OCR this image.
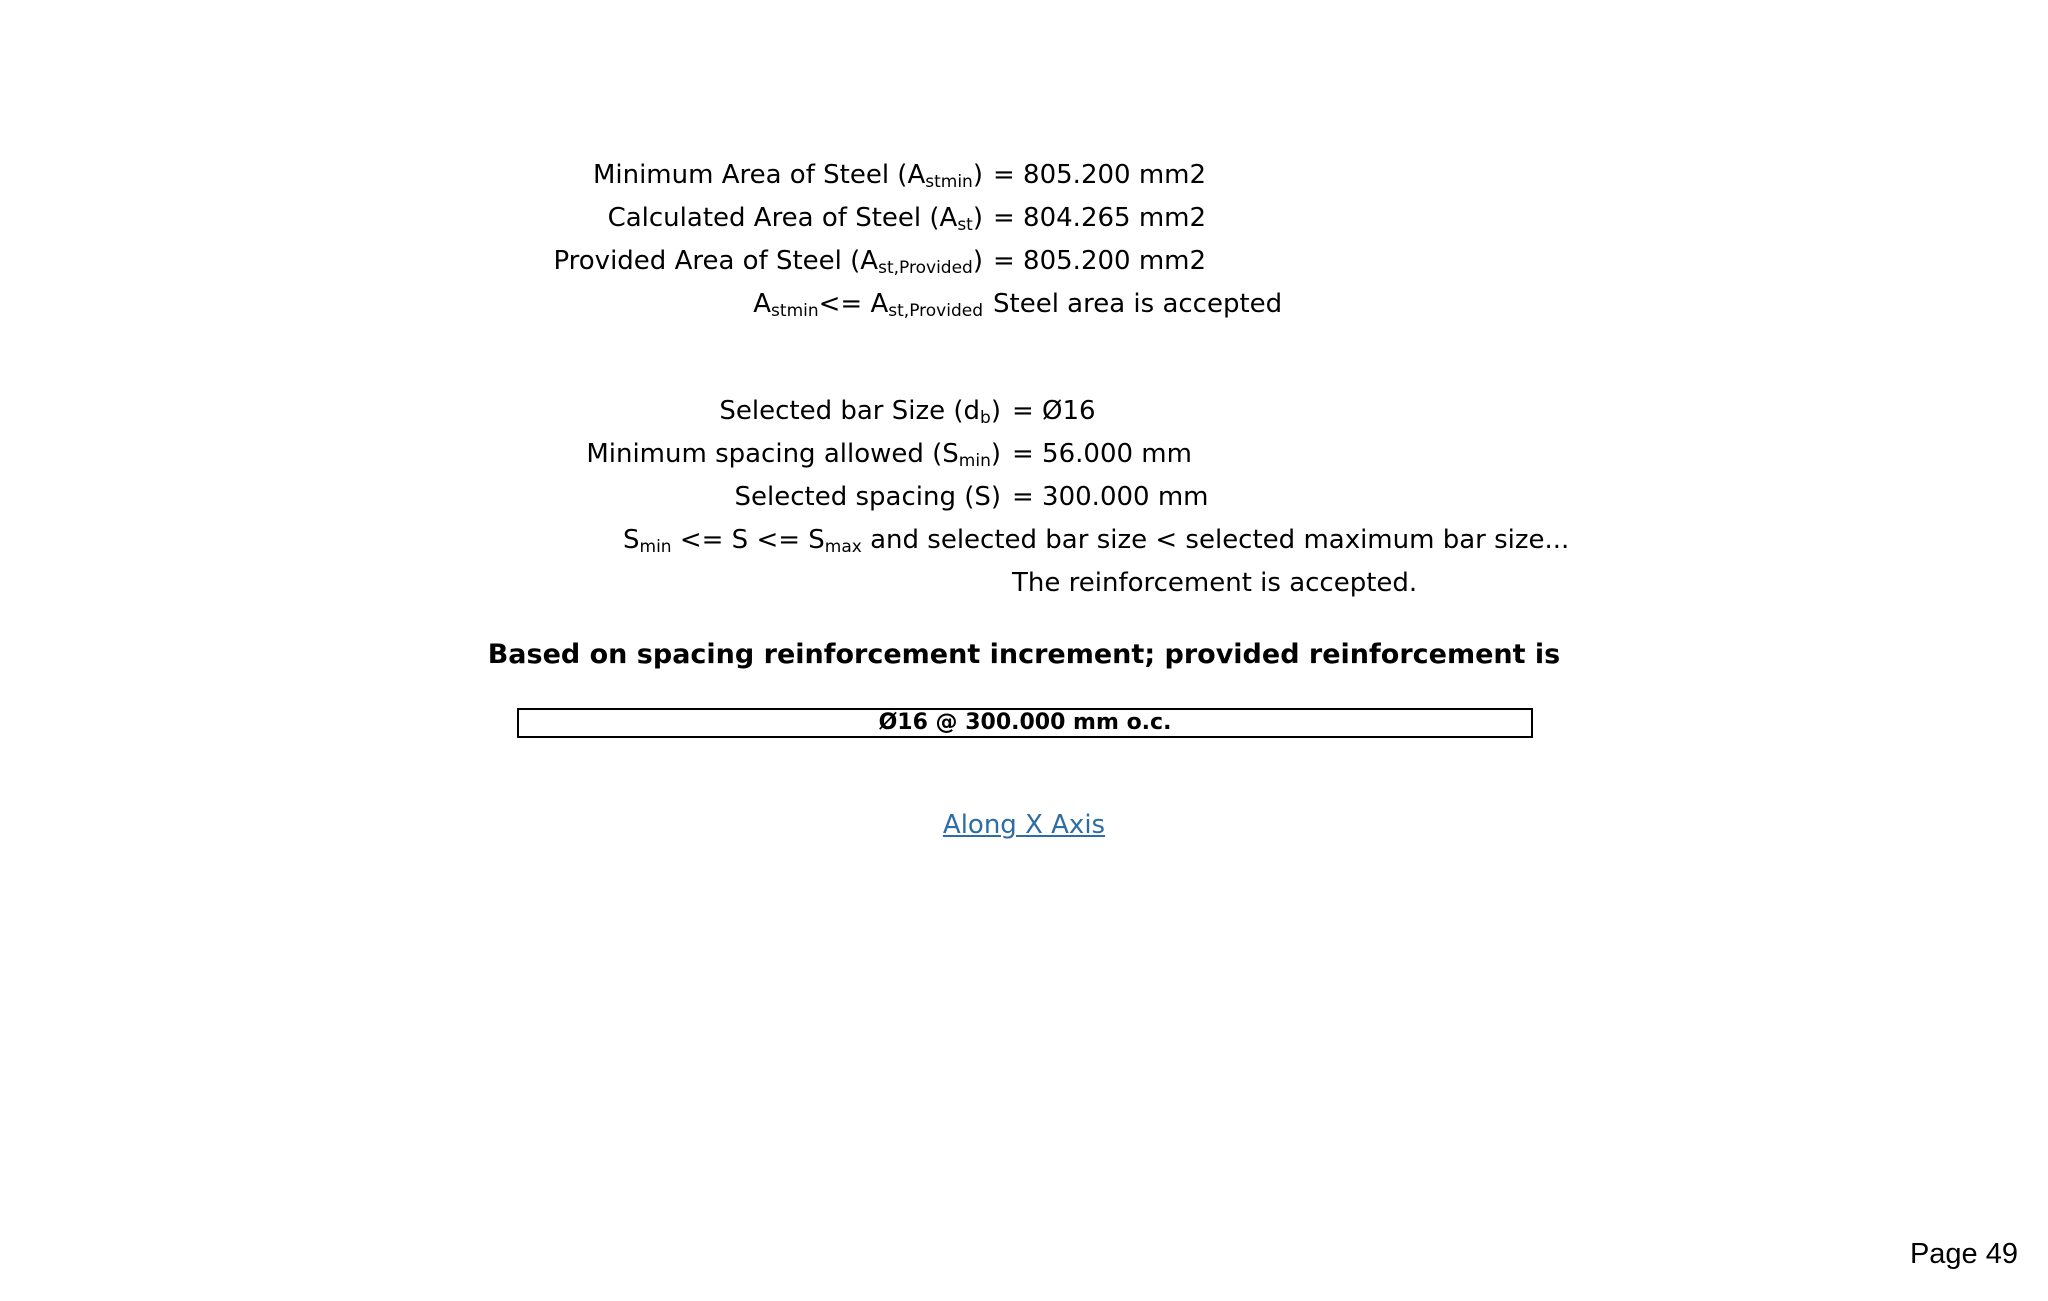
Minimum Area of Steel $(A_{stmin}) = 805.200$ mm2
Calculated Area of Steel $(A_{st}) = 804.265$ mm2
Provided Area of Steel $(A_{st,Provided}) = 805.200$ mm2
$A_{stmin}<= A_{st,Provided}$ Steel area is accepted
Selected bar Size $(d_b)$ = Ø16
Minimum spacing allowed $(S_{min}) = 56.000$ mm
Selected spacing (S) = 300.000 mm
$S_{min} <= S <= S_{max}$ and selected bar size < selected maximum bar size...
The reinforcement is accepted.
Based on spacing reinforcement increment; provided reinforcement is
Ø16 @ 300.000 mm o.c.
Along X Axis
Page 49
